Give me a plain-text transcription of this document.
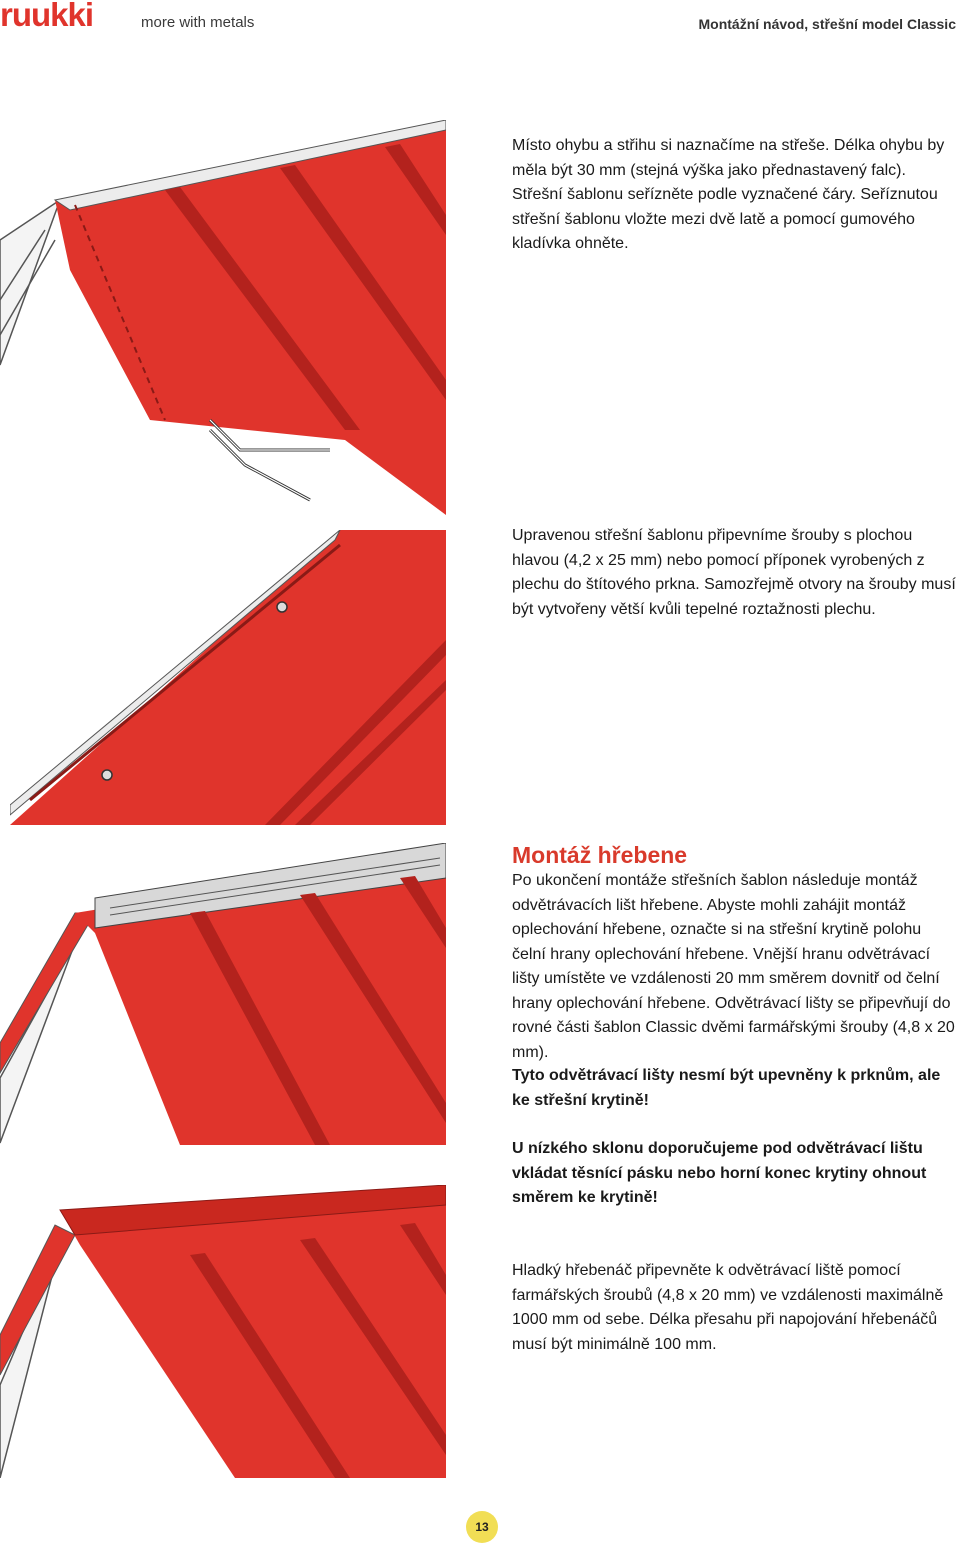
ruukki	more with metals	Montážní návod, střešní model Classic
Místo ohybu a střihu si naznačíme na střeše. Délka ohybu by měla být 30 mm (stejná výška jako přednastavený falc). Střešní šablonu seřízněte podle vyznačené čáry. Seříznutou střešní šablonu vložte mezi dvě latě a pomocí gumového kladívka ohněte.
Upravenou střešní šablonu připevníme šrouby s plochou hlavou (4,2 x 25 mm) nebo pomocí příponek vyrobených z plechu do štítového prkna. Samozřejmě otvory na šrouby musí být vytvořeny větší kvůli tepelné roztažnosti plechu.
Montáž hřebene
Po ukončení montáže střešních šablon následuje montáž odvětrávacích lišt hřebene. Abyste mohli zahájit montáž oplechování hřebene, označte si na střešní krytině polohu čelní hrany oplechování hřebene. Vnější hranu odvětrávací lišty umístěte ve vzdálenosti 20 mm směrem dovnitř od čelní hrany oplechování hřebene. Odvětrávací lišty se připevňují do rovné části šablon Classic dvěmi farmářskými šrouby (4,8 x 20 mm).
Tyto odvětrávací lišty nesmí být upevněny k prknům, ale ke střešní krytině!
U nízkého sklonu doporučujeme pod odvětrávací lištu vkládat těsnící pásku nebo horní konec krytiny ohnout směrem ke krytině!
Hladký hřebenáč připevněte k odvětrávací liště pomocí farmářských šroubů (4,8 x 20 mm) ve vzdálenosti maximálně 1000 mm od sebe. Délka přesahu při napojování hřebenáčů musí být minimálně 100 mm.
13
